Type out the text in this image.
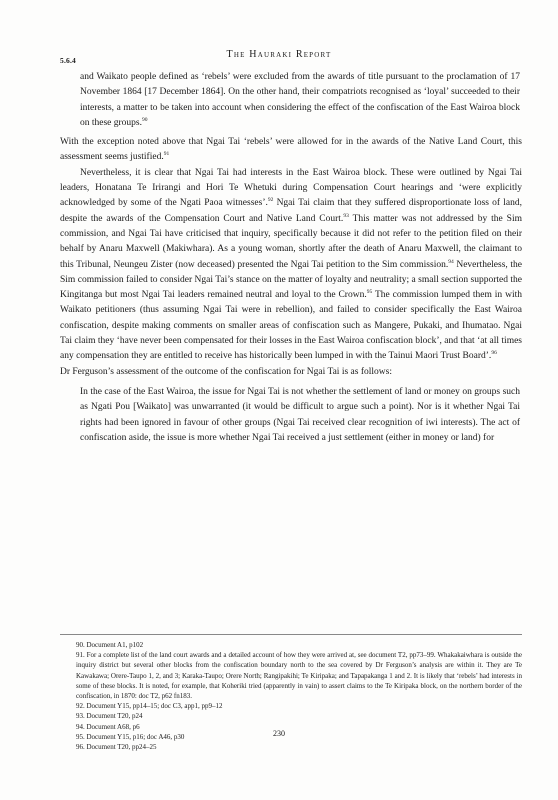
5.6.4
The Hauraki Report

and Waikato people defined as ‘rebels’ were excluded from the awards of title pursuant to the proclamation of 17 November 1864 [17 December 1864]. On the other hand, their compatriots recognised as ‘loyal’ succeeded to their interests, a matter to be taken into account when considering the effect of the confiscation of the East Wairoa block on these groups.$^{90}$

With the exception noted above that Ngai Tai ‘rebels’ were allowed for in the awards of the Native Land Court, this assessment seems justified.$^{91}$

Nevertheless, it is clear that Ngai Tai had interests in the East Wairoa block. These were outlined by Ngai Tai leaders, Honatana Te Irirangi and Hori Te Whetuki during Compensation Court hearings and ‘were explicitly acknowledged by some of the Ngati Paoa witnesses’.$^{92}$ Ngai Tai claim that they suffered disproportionate loss of land, despite the awards of the Compensation Court and Native Land Court.$^{93}$ This matter was not addressed by the Sim commission, and Ngai Tai have criticised that inquiry, specifically because it did not refer to the petition filed on their behalf by Anaru Maxwell (Makiwhara). As a young woman, shortly after the death of Anaru Maxwell, the claimant to this Tribunal, Neungeu Zister (now deceased) presented the Ngai Tai petition to the Sim commission.$^{94}$ Nevertheless, the Sim commission failed to consider Ngai Tai’s stance on the matter of loyalty and neutrality; a small section supported the Kingitanga but most Ngai Tai leaders remained neutral and loyal to the Crown.$^{95}$ The commission lumped them in with Waikato petitioners (thus assuming Ngai Tai were in rebellion), and failed to consider specifically the East Wairoa confiscation, despite making comments on smaller areas of confiscation such as Mangere, Pukaki, and Ihumatao. Ngai Tai claim they ‘have never been compensated for their losses in the East Wairoa confiscation block’, and that ‘at all times any compensation they are entitled to receive has historically been lumped in with the Tainui Maori Trust Board’.$^{96}$

Dr Ferguson’s assessment of the outcome of the confiscation for Ngai Tai is as follows:

In the case of the East Wairoa, the issue for Ngai Tai is not whether the settlement of land or money on groups such as Ngati Pou [Waikato] was unwarranted (it would be difficult to argue such a point). Nor is it whether Ngai Tai rights had been ignored in favour of other groups (Ngai Tai received clear recognition of iwi interests). The act of confiscation aside, the issue is more whether Ngai Tai received a just settlement (either in money or land) for

90. Document A1, p102

91. For a complete list of the land court awards and a detailed account of how they were arrived at, see document T2, pp73–99. Whakakaiwhara is outside the inquiry district but several other blocks from the confiscation boundary north to the sea covered by Dr Ferguson’s analysis are within it. They are Te Kawakawa; Orere-Taupo 1, 2, and 3; Karaka-Taupo; Orere North; Rangipakihi; Te Kiripaka; and Tapapakanga 1 and 2. It is likely that ‘rebels’ had interests in some of these blocks. It is noted, for example, that Koheriki tried (apparently in vain) to assert claims to the Te Kiripaka block, on the northern border of the confiscation, in 1870: doc T2, p62 fn183.

92. Document Y15, pp14–15; doc C3, app1, pp9–12

93. Document T20, p24

94. Document A68, p6

95. Document Y15, p16; doc A46, p30

96. Document T20, pp24–25

230
